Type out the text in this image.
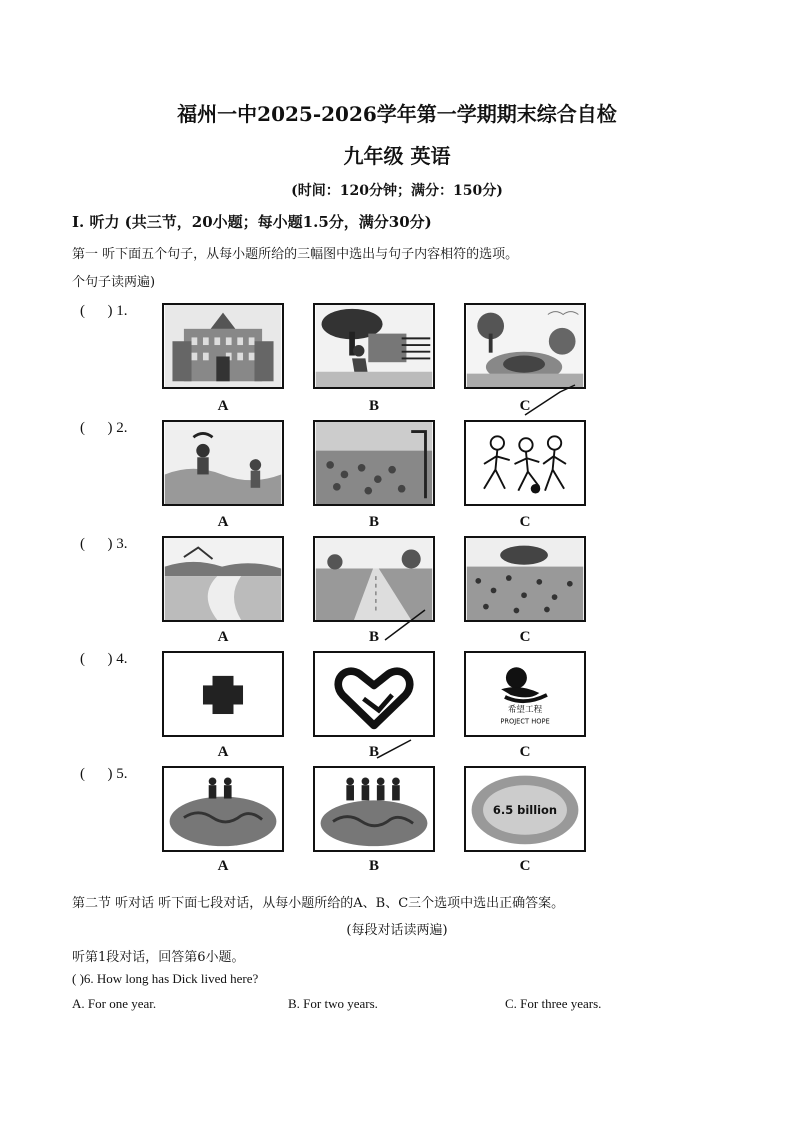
福州一中2025-2026学年第一学期期末综合自检
九年级 英语
(时间：120分钟；满分：150分)
Ⅰ. 听力 (共三节，20小题；每小题1.5分，满分30分)
第一 听下面五个句子，从每小题所给的三幅图中选出与句子内容相符的选项。
个句子读两遍)
(      ) 1.
A	B	C
(      ) 2.
A	B	C
(      ) 3.
A	B	C
(      ) 4.
希望工程
PROJECT HOPE
A	B	C
(      ) 5.
6.5 billion
A	B	C
第二节 听对话 听下面七段对话，从每小题所给的A、B、C三个选项中选出正确答案。
(每段对话读两遍)
听第1段对话，回答第6小题。
( )6. How long has Dick lived here?
A. For one year.	B. For two years.	C. For three years.
